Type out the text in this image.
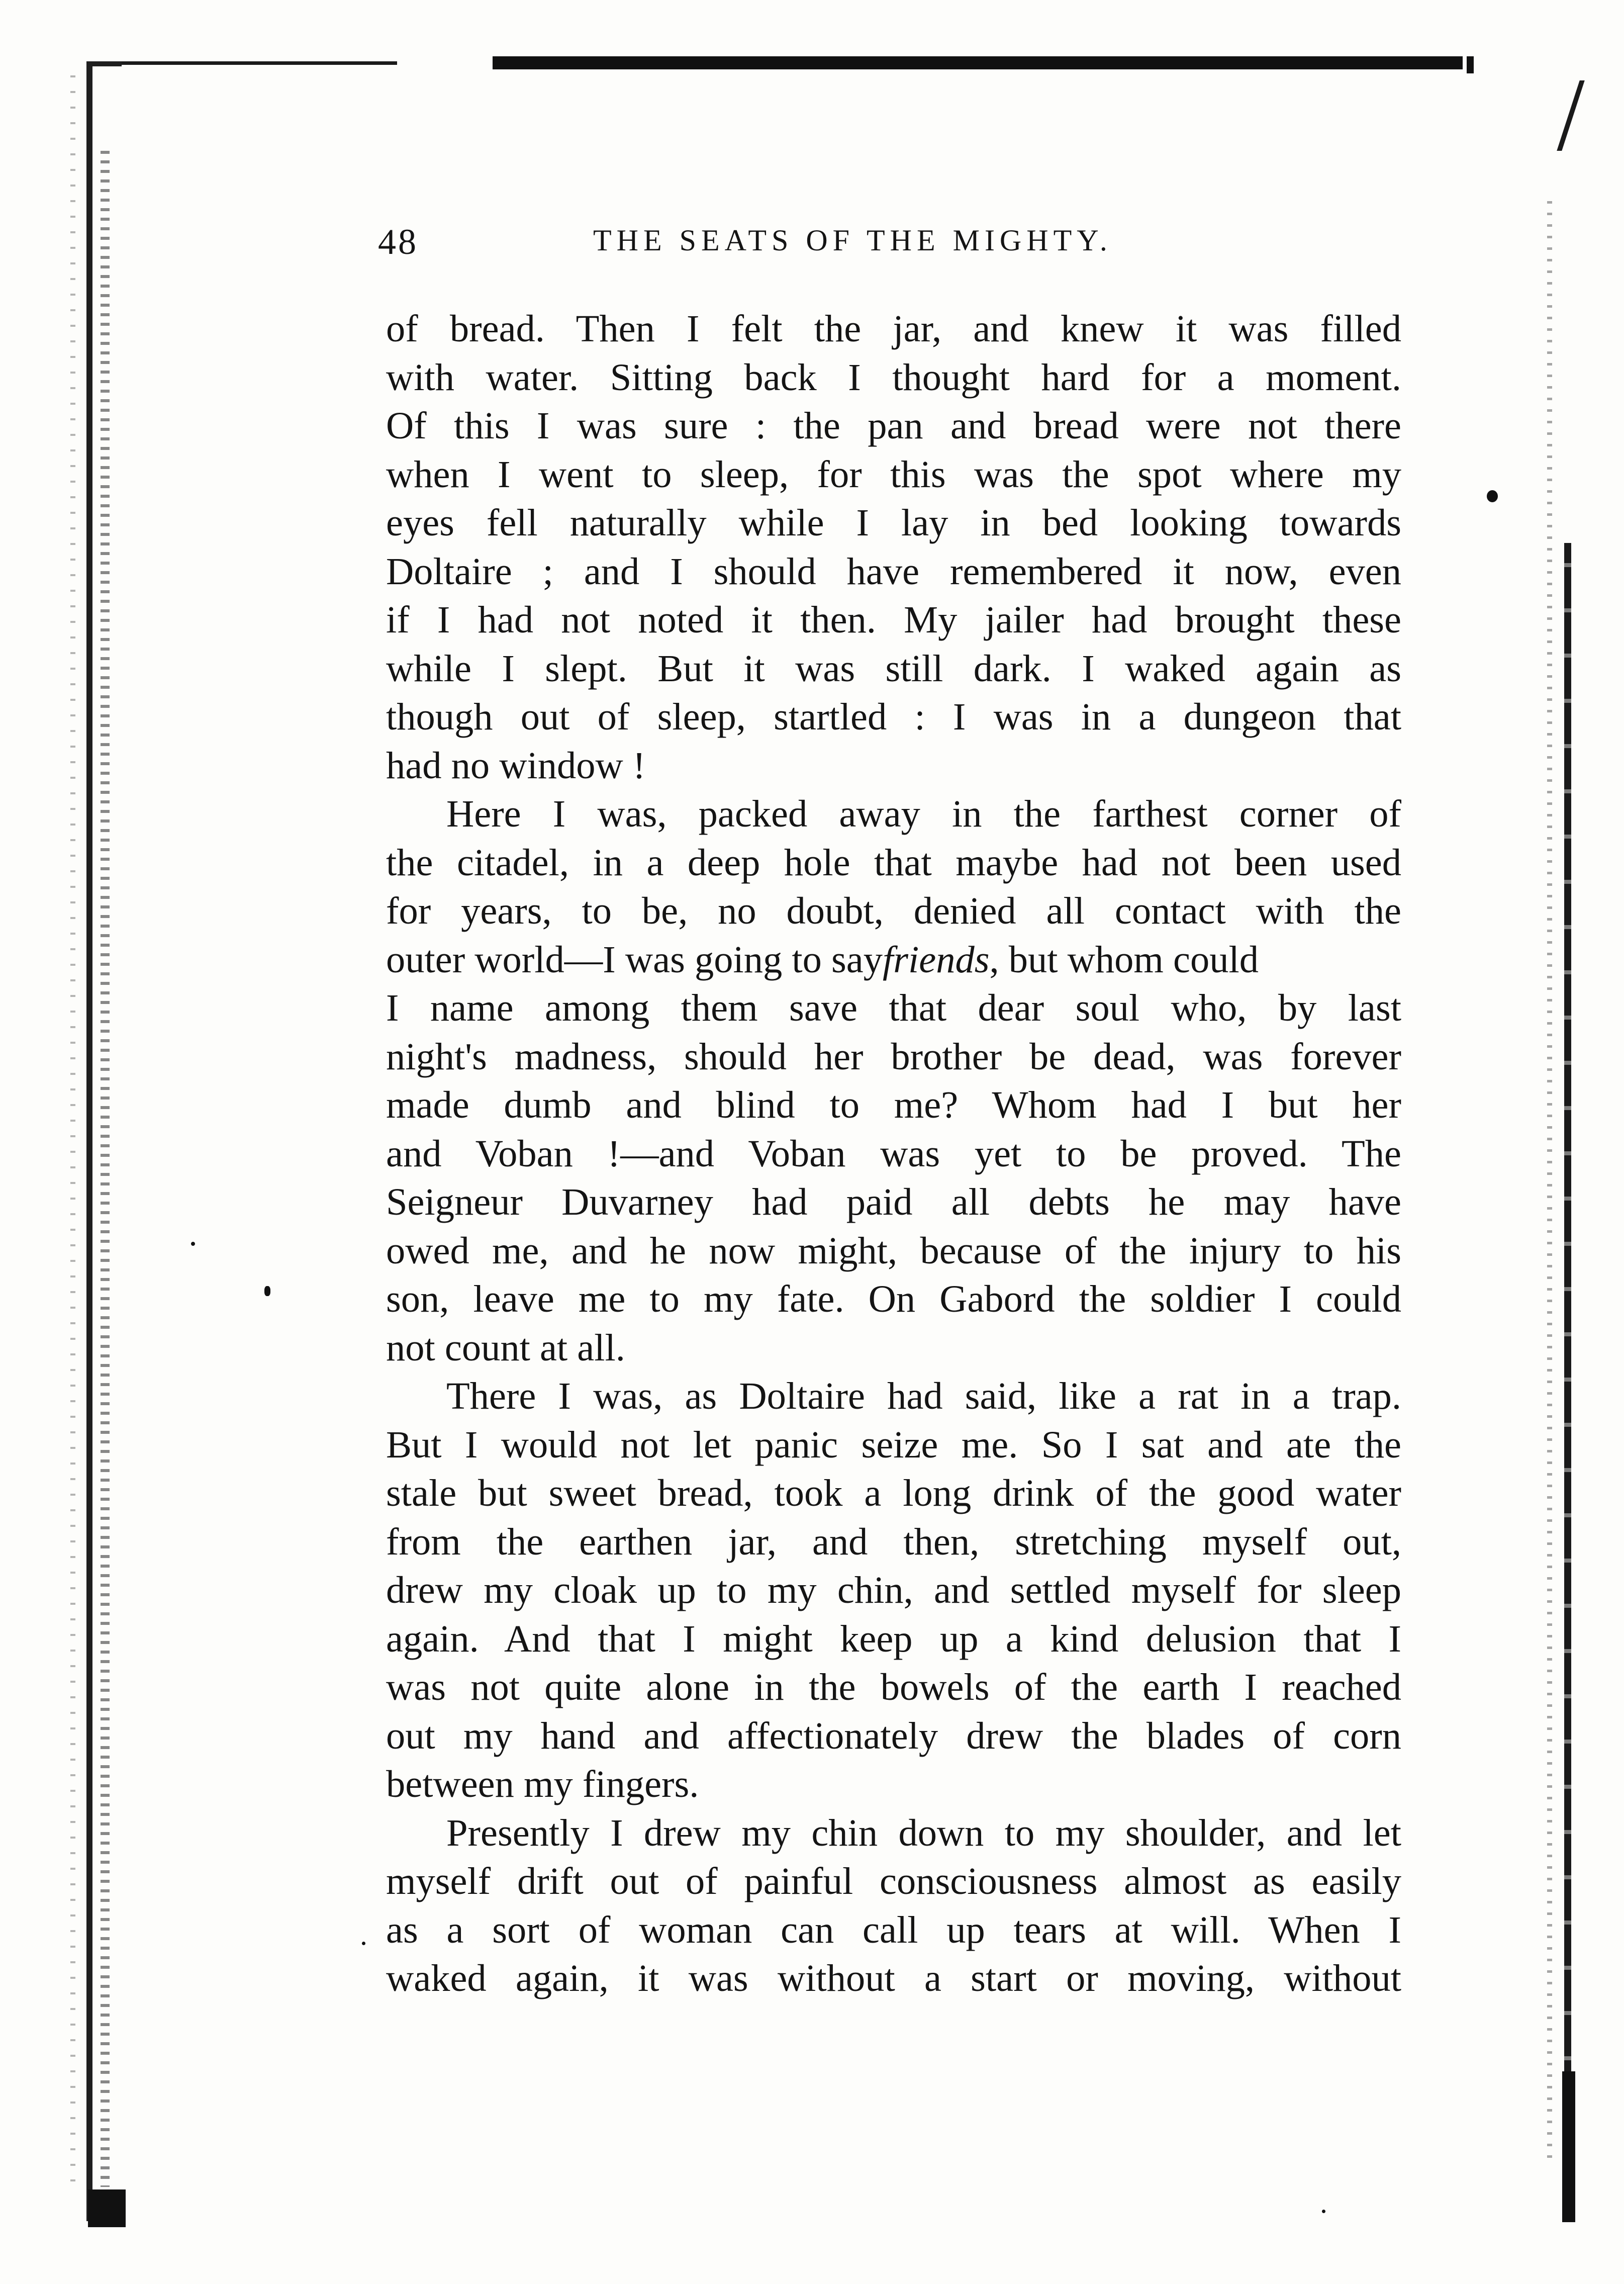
48	THE SEATS OF THE MIGHTY.
of bread. Then I felt the jar, and knew it was filled
with water. Sitting back I thought hard for a moment.
Of this I was sure : the pan and bread were not there
when I went to sleep, for this was the spot where my
eyes fell naturally while I lay in bed looking towards
Doltaire ; and I should have remembered it now, even
if I had not noted it then. My jailer had brought these
while I slept. But it was still dark. I waked again as
though out of sleep, startled : I was in a dungeon that
had no window !
Here I was, packed away in the farthest corner of
the citadel, in a deep hole that maybe had not been used
for years, to be, no doubt, denied all contact with the
outer world—I was going to sayfriends, but whom could
I name among them save that dear soul who, by last
night's madness, should her brother be dead, was forever
made dumb and blind to me? Whom had I but her
and Voban !—and Voban was yet to be proved. The
Seigneur Duvarney had paid all debts he may have
owed me, and he now might, because of the injury to his
son, leave me to my fate. On Gabord the soldier I could
not count at all.
There I was, as Doltaire had said, like a rat in a trap.
But I would not let panic seize me. So I sat and ate the
stale but sweet bread, took a long drink of the good water
from the earthen jar, and then, stretching myself out,
drew my cloak up to my chin, and settled myself for sleep
again. And that I might keep up a kind delusion that I
was not quite alone in the bowels of the earth I reached
out my hand and affectionately drew the blades of corn
between my fingers.
Presently I drew my chin down to my shoulder, and let
myself drift out of painful consciousness almost as easily
as a sort of woman can call up tears at will. When I
waked again, it was without a start or moving, without
